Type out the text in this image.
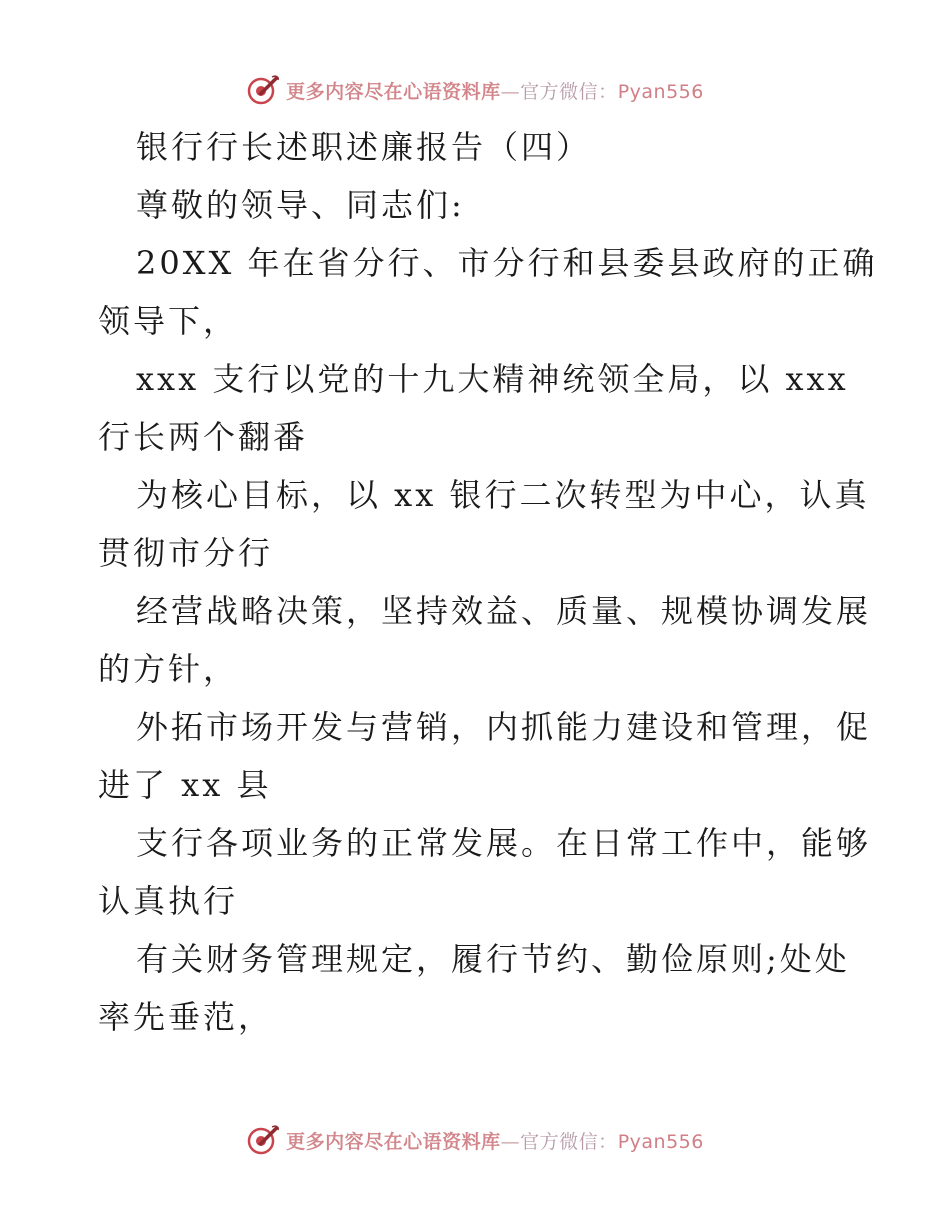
更多内容尽在心语资料库—官方微信：Pyan556
银行行长述职述廉报告（四）
尊敬的领导、同志们:
20XX 年在省分行、市分行和县委县政府的正确
领导下，
xxx 支行以党的十九大精神统领全局，以 xxx
行长两个翻番
为核心目标，以 xx 银行二次转型为中心，认真
贯彻市分行
经营战略决策，坚持效益、质量、规模协调发展
的方针，
外拓市场开发与营销，内抓能力建设和管理，促
进了 xx 县
支行各项业务的正常发展。在日常工作中，能够
认真执行
有关财务管理规定，履行节约、勤俭原则;处处
率先垂范，
更多内容尽在心语资料库—官方微信：Pyan556
